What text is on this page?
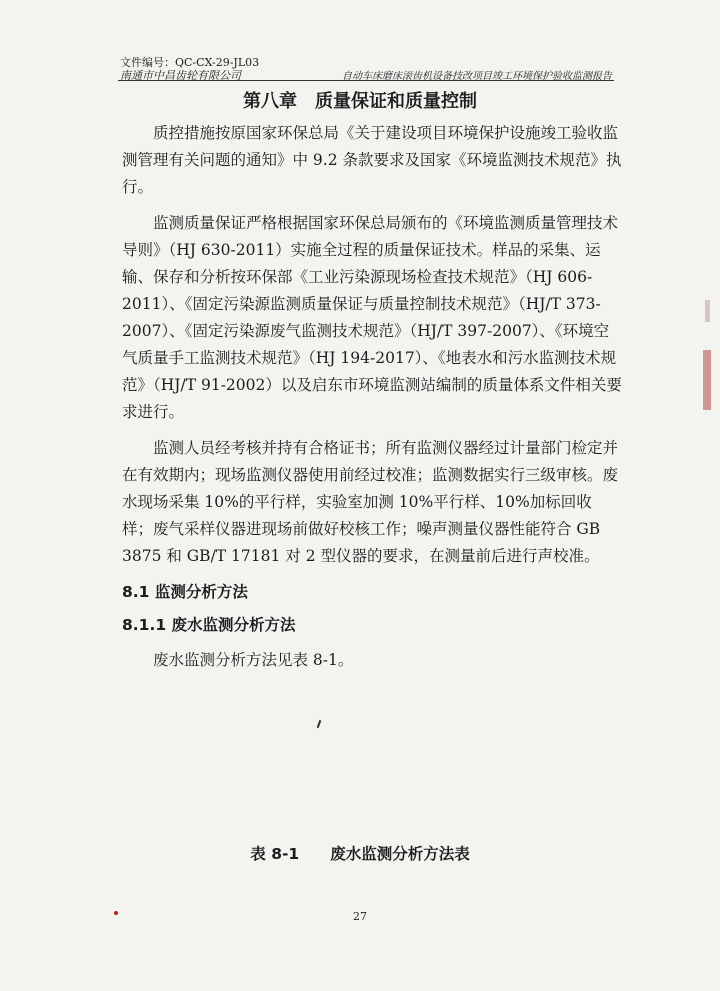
文件编号：QC-CX-29-JL03
南通市中昌齿轮有限公司	自动车床磨床滚齿机设备技改项目竣工环境保护验收监测报告
第八章　质量保证和质量控制

质控措施按原国家环保总局《关于建设项目环境保护设施竣工验收监测管理有关问题的通知》中 9.2 条款要求及国家《环境监测技术规范》执行。

监测质量保证严格根据国家环保总局颁布的《环境监测质量管理技术导则》（HJ 630-2011）实施全过程的质量保证技术。样品的采集、运输、保存和分析按环保部《工业污染源现场检查技术规范》（HJ 606-2011）、《固定污染源监测质量保证与质量控制技术规范》（HJ/T 373-2007）、《固定污染源废气监测技术规范》（HJ/T 397-2007）、《环境空气质量手工监测技术规范》（HJ 194-2017）、《地表水和污水监测技术规范》（HJ/T 91-2002）以及启东市环境监测站编制的质量体系文件相关要求进行。

监测人员经考核并持有合格证书；所有监测仪器经过计量部门检定并在有效期内；现场监测仪器使用前经过校准；监测数据实行三级审核。废水现场采集 10%的平行样，实验室加测 10%平行样、10%加标回收样；废气采样仪器进现场前做好校核工作；噪声测量仪器性能符合 GB 3875 和 GB/T 17181 对 2 型仪器的要求，在测量前后进行声校准。

8.1 监测分析方法
8.1.1 废水监测分析方法

废水监测分析方法见表 8-1。

表 8-1　　废水监测分析方法表
27
